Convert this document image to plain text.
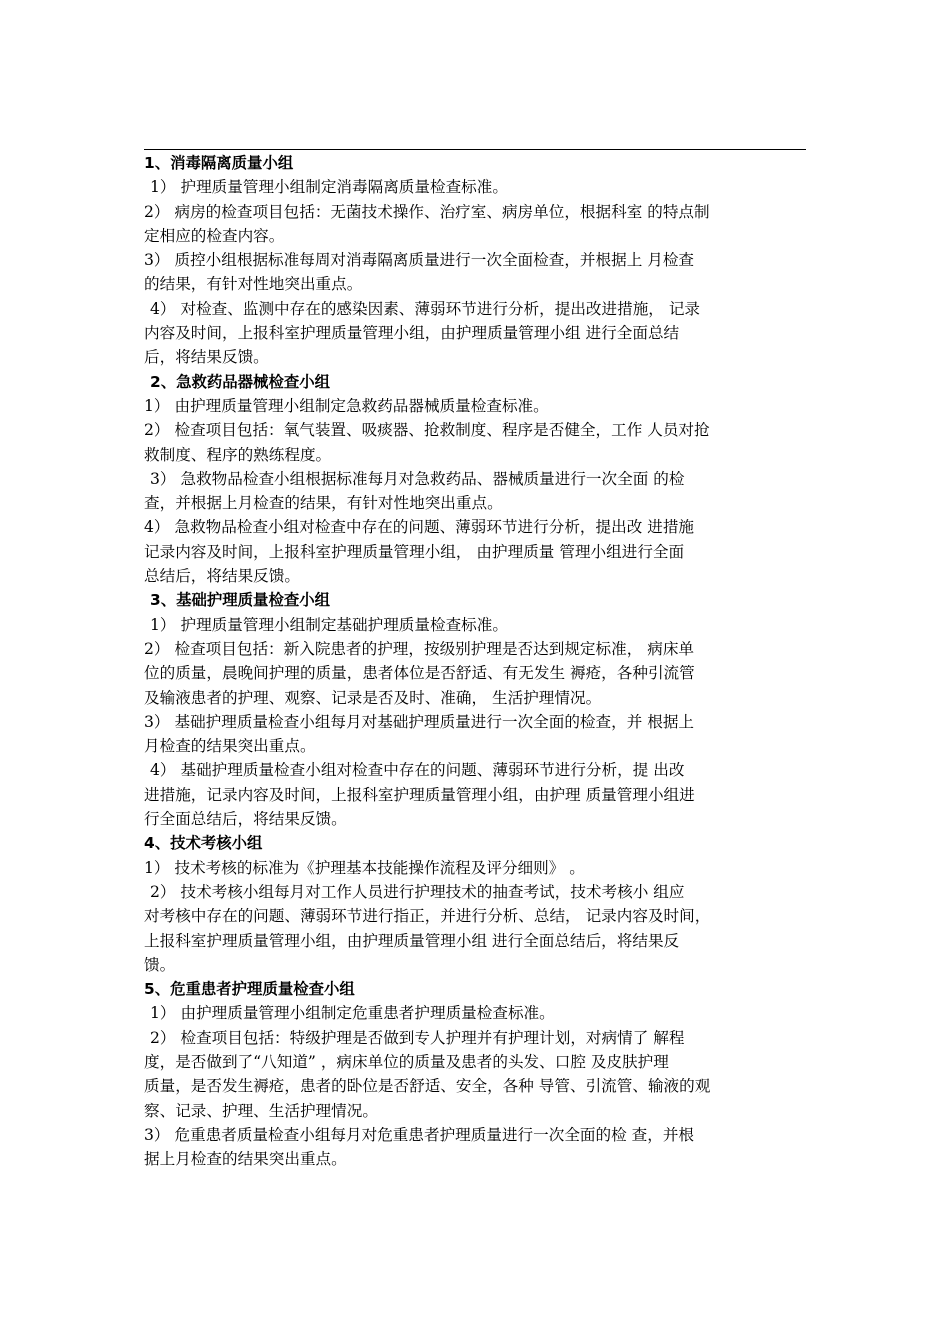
1、消毒隔离质量小组
1） 护理质量管理小组制定消毒隔离质量检查标准。
2） 病房的检查项目包括：无菌技术操作、治疗室、病房单位，根据科室 的特点制
定相应的检查内容。
3） 质控小组根据标准每周对消毒隔离质量进行一次全面检查，并根据上 月检查
的结果，有针对性地突出重点。
4） 对检查、监测中存在的感染因素、薄弱环节进行分析，提出改进措施， 记录
内容及时间，上报科室护理质量管理小组，由护理质量管理小组 进行全面总结
后，将结果反馈。
2、急救药品器械检查小组
1） 由护理质量管理小组制定急救药品器械质量检查标准。
2） 检查项目包括：氧气装置、吸痰器、抢救制度、程序是否健全，工作 人员对抢
救制度、程序的熟练程度。
3） 急救物品检查小组根据标准每月对急救药品、器械质量进行一次全面 的检
查，并根据上月检查的结果，有针对性地突出重点。
4） 急救物品检查小组对检查中存在的问题、薄弱环节进行分析，提出改 进措施
记录内容及时间，上报科室护理质量管理小组， 由护理质量 管理小组进行全面
总结后，将结果反馈。
3、基础护理质量检查小组
1） 护理质量管理小组制定基础护理质量检查标准。
2） 检查项目包括：新入院患者的护理，按级别护理是否达到规定标准， 病床单
位的质量，晨晚间护理的质量，患者体位是否舒适、有无发生 褥疮，各种引流管
及输液患者的护理、观察、记录是否及时、准确， 生活护理情况。
3） 基础护理质量检查小组每月对基础护理质量进行一次全面的检查，并 根据上
月检查的结果突出重点。
4） 基础护理质量检查小组对检查中存在的问题、薄弱环节进行分析，提 出改
进措施，记录内容及时间，上报科室护理质量管理小组，由护理 质量管理小组进
行全面总结后，将结果反馈。
4、技术考核小组
1） 技术考核的标准为《护理基本技能操作流程及评分细则》 。
2） 技术考核小组每月对工作人员进行护理技术的抽查考试，技术考核小 组应
对考核中存在的问题、薄弱环节进行指正，并进行分析、总结， 记录内容及时间，
上报科室护理质量管理小组，由护理质量管理小组 进行全面总结后，将结果反
馈。
5、危重患者护理质量检查小组
1） 由护理质量管理小组制定危重患者护理质量检查标准。
2） 检查项目包括：特级护理是否做到专人护理并有护理计划，对病情了 解程
度，是否做到了“八知道” ，病床单位的质量及患者的头发、口腔 及皮肤护理
质量，是否发生褥疮，患者的卧位是否舒适、安全，各种 导管、引流管、输液的观
察、记录、护理、生活护理情况。
3） 危重患者质量检查小组每月对危重患者护理质量进行一次全面的检 查，并根
据上月检查的结果突出重点。
